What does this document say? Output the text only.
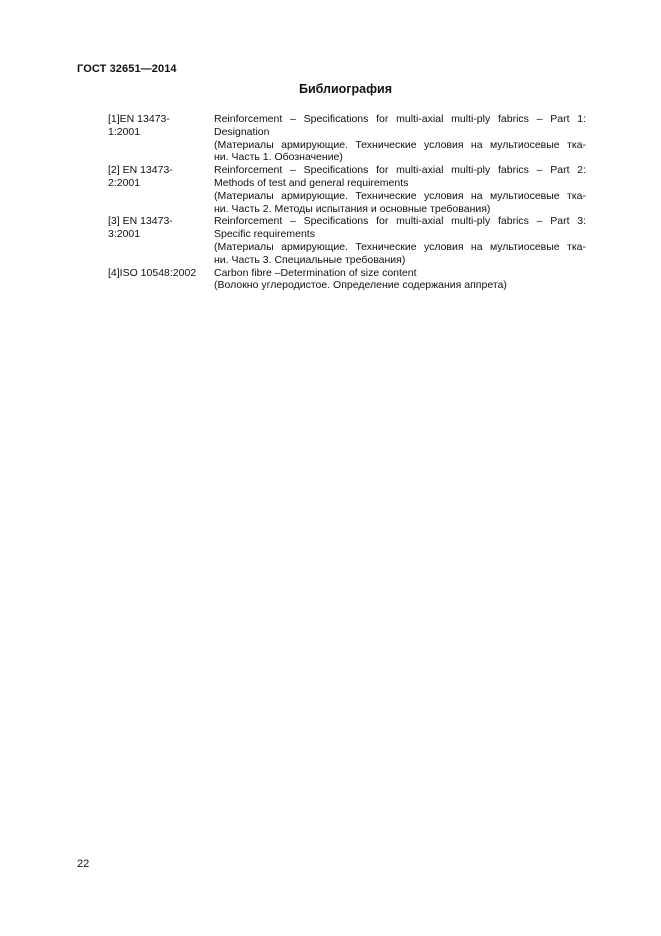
ГОСТ 32651—2014
Библиография
[1]EN 13473-
1:2001
Reinforcement – Specifications for multi-axial multi-ply fabrics – Part 1:
Designation
(Материалы армирующие. Технические условия на мультиосевые тка-
ни. Часть 1. Обозначение)
[2] EN 13473-
2:2001
Reinforcement – Specifications for multi-axial multi-ply fabrics – Part 2:
Methods of test and general requirements
(Материалы армирующие. Технические условия на мультиосевые тка-
ни. Часть 2. Методы испытания и основные требования)
[3] EN 13473-
3:2001
Reinforcement – Specifications for multi-axial multi-ply fabrics – Part 3:
Specific requirements
(Материалы армирующие. Технические условия на мультиосевые тка-
ни. Часть 3. Специальные требования)
[4]ISO 10548:2002	Carbon fibre –Determination of size content
(Волокно углеродистое. Определение содержания аппрета)
22
